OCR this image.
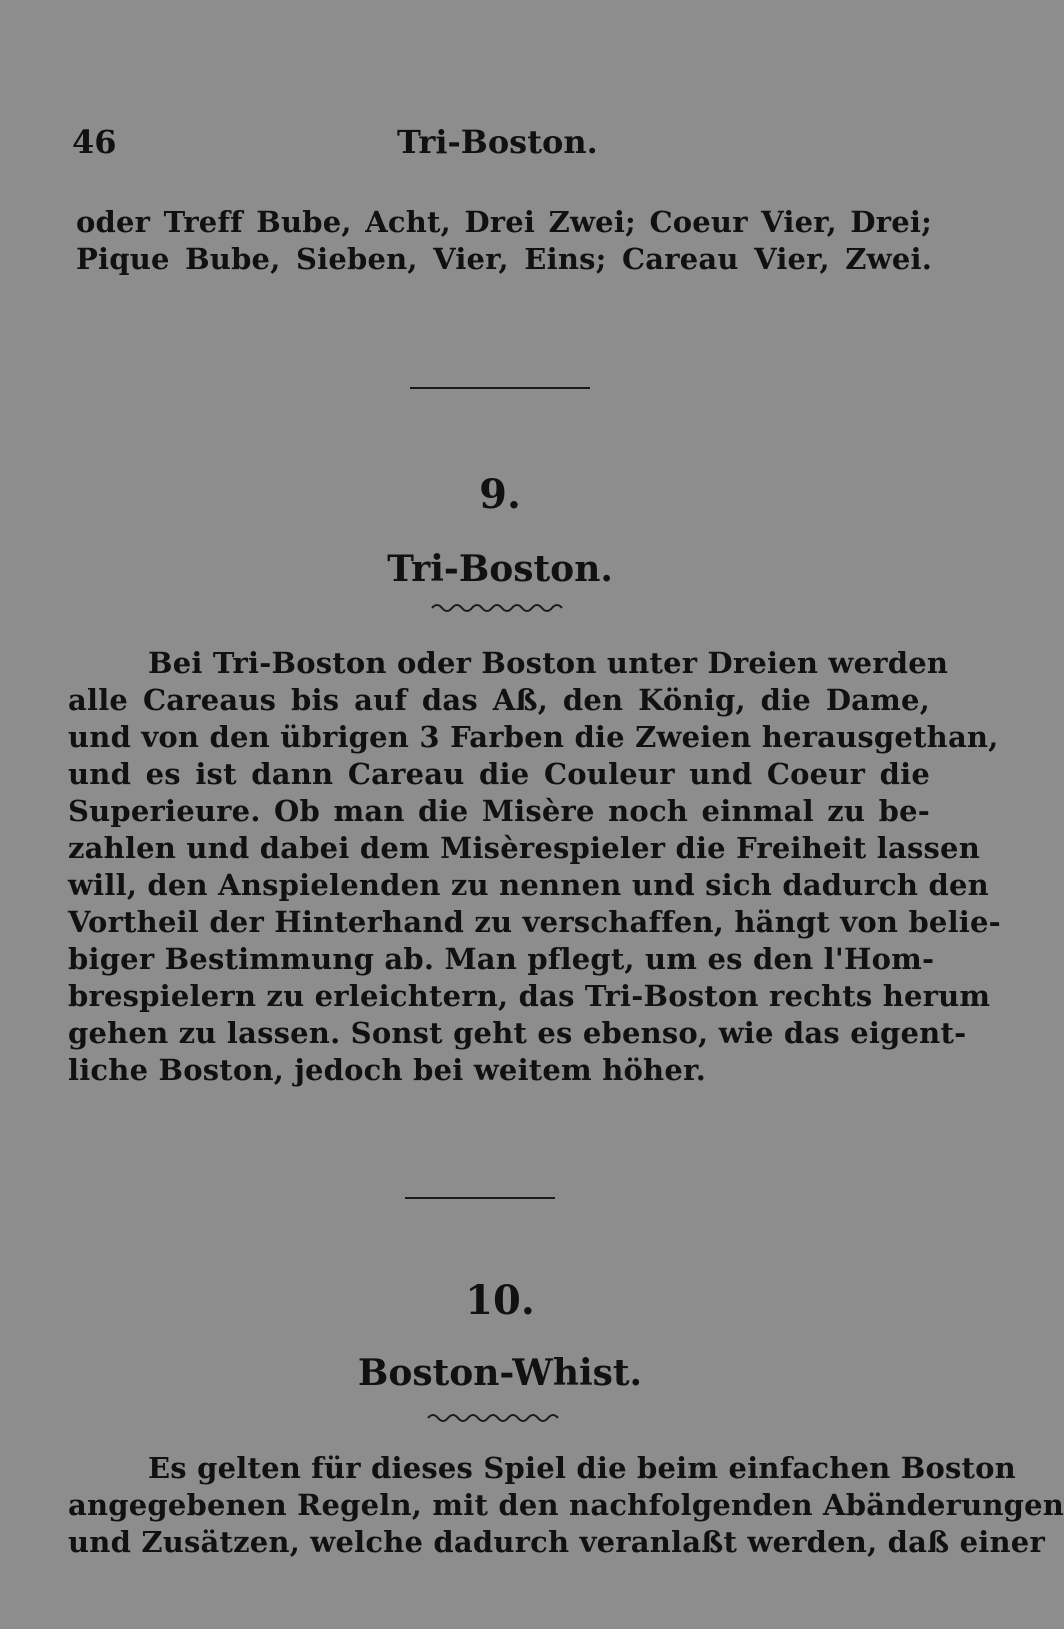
46	Tri-Boston.
oder Treff Bube, Acht, Drei Zwei; Coeur Vier, Drei;
Pique Bube, Sieben, Vier, Eins; Careau Vier, Zwei.
9.
Tri-Boston.
Bei Tri-Boston oder Boston unter Dreien werden
alle Careaus bis auf das Aß, den König, die Dame,
und von den übrigen 3 Farben die Zweien herausgethan,
und es ist dann Careau die Couleur und Coeur die
Superieure. Ob man die Misère noch einmal zu be-
zahlen und dabei dem Misèrespieler die Freiheit lassen
will, den Anspielenden zu nennen und sich dadurch den
Vortheil der Hinterhand zu verschaffen, hängt von belie-
biger Bestimmung ab. Man pflegt, um es den l'Hom-
brespielern zu erleichtern, das Tri-Boston rechts herum
gehen zu lassen. Sonst geht es ebenso, wie das eigent-
liche Boston, jedoch bei weitem höher.
10.
Boston-Whist.
Es gelten für dieses Spiel die beim einfachen Boston
angegebenen Regeln, mit den nachfolgenden Abänderungen
und Zusätzen, welche dadurch veranlaßt werden, daß einer
